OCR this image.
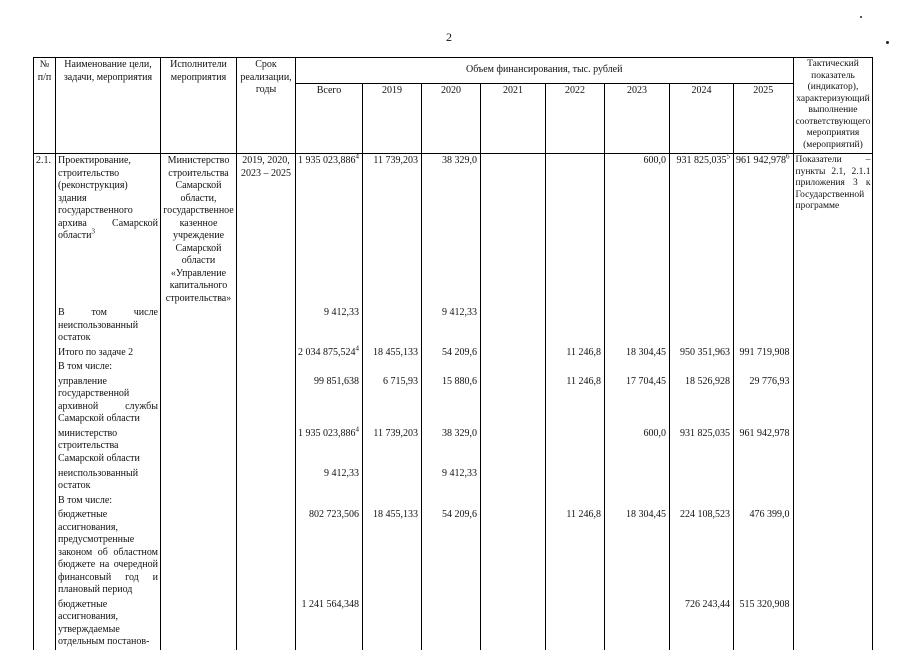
2
№ п/п	Наименование цели, задачи, мероприятия	Исполнители мероприятия	Срок реализации, годы	Объем финансирования, тыс. рублей								Тактический показатель (индикатор), характеризующий выполнение соответствующего мероприятия (мероприятий)
				Всего	2019	2020	2021	2022	2023	2024	2025	
2.1.	Проектирование, строительство (реконструкция) здания государственного архива Самарской области$^3$	Министерство строительства Самарской области, государственное казенное учреждение Самарской области «Управление капитального строительства»	2019, 2020, 2023 – 2025	1 935 023,886$^4$	11 739,203	38 329,0			600,0	931 825,035$^5$	961 942,978$^6$	Показатели – пункты 2.1, 2.1.1 приложения 3 к Государственной программе
	В том числе неиспользованный остаток			9 412,33		9 412,33						
	Итого по задаче 2			2 034 875,524$^4$	18 455,133	54 209,6		11 246,8	18 304,45	950 351,963	991 719,908	
	В том числе:											
	управление государственной архивной службы Самарской области			99 851,638	6 715,93	15 880,6		11 246,8	17 704,45	18 526,928	29 776,93	
	министерство строительства Самарской области			1 935 023,886$^4$	11 739,203	38 329,0			600,0	931 825,035	961 942,978	
	неиспользованный остаток			9 412,33		9 412,33						
	В том числе:											
	бюджетные ассигнования, предусмотренные законом об областном бюджете на очередной финансовый год и плановый период			802 723,506	18 455,133	54 209,6		11 246,8	18 304,45	224 108,523	476 399,0	
	бюджетные ассигнования, утверждаемые отдельным постанов-			1 241 564,348						726 243,44	515 320,908	
